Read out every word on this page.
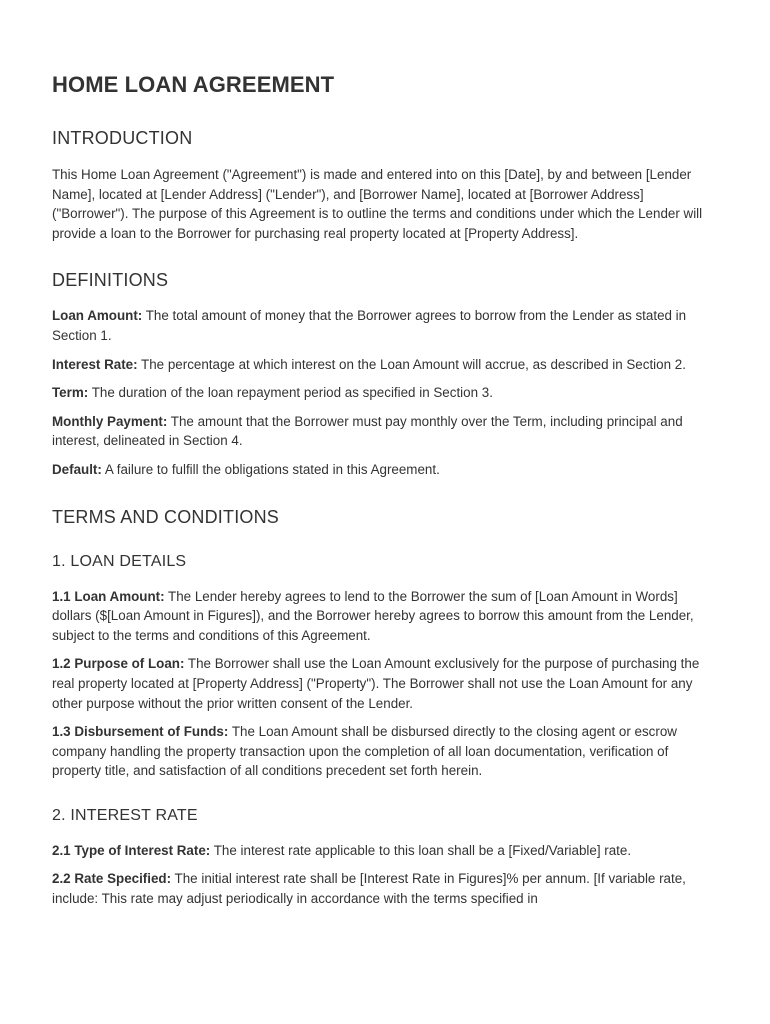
HOME LOAN AGREEMENT
INTRODUCTION

This Home Loan Agreement ("Agreement") is made and entered into on this [Date], by and between [Lender Name], located at [Lender Address] ("Lender"), and [Borrower Name], located at [Borrower Address] ("Borrower"). The purpose of this Agreement is to outline the terms and conditions under which the Lender will provide a loan to the Borrower for purchasing real property located at [Property Address].

DEFINITIONS

Loan Amount: The total amount of money that the Borrower agrees to borrow from the Lender as stated in Section 1.

Interest Rate: The percentage at which interest on the Loan Amount will accrue, as described in Section 2.

Term: The duration of the loan repayment period as specified in Section 3.

Monthly Payment: The amount that the Borrower must pay monthly over the Term, including principal and interest, delineated in Section 4.

Default: A failure to fulfill the obligations stated in this Agreement.

TERMS AND CONDITIONS
1. LOAN DETAILS

1.1 Loan Amount: The Lender hereby agrees to lend to the Borrower the sum of [Loan Amount in Words] dollars ($[Loan Amount in Figures]), and the Borrower hereby agrees to borrow this amount from the Lender, subject to the terms and conditions of this Agreement.

1.2 Purpose of Loan: The Borrower shall use the Loan Amount exclusively for the purpose of purchasing the real property located at [Property Address] ("Property"). The Borrower shall not use the Loan Amount for any other purpose without the prior written consent of the Lender.

1.3 Disbursement of Funds: The Loan Amount shall be disbursed directly to the closing agent or escrow company handling the property transaction upon the completion of all loan documentation, verification of property title, and satisfaction of all conditions precedent set forth herein.

2. INTEREST RATE

2.1 Type of Interest Rate: The interest rate applicable to this loan shall be a [Fixed/Variable] rate.

2.2 Rate Specified: The initial interest rate shall be [Interest Rate in Figures]% per annum. [If variable rate, include: This rate may adjust periodically in accordance with the terms specified in
